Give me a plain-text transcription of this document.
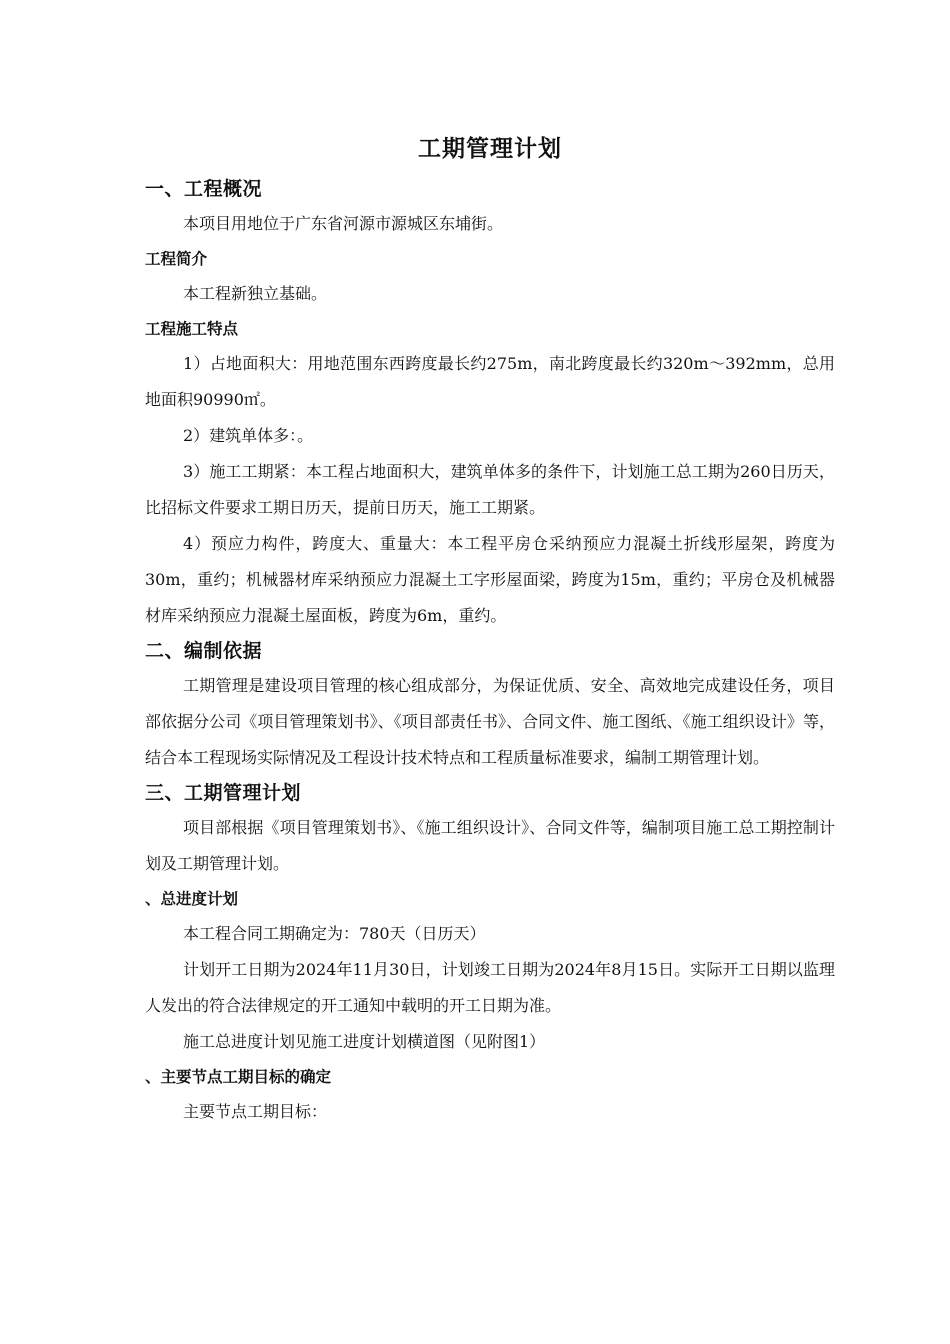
工期管理计划
一、工程概况

本项目用地位于广东省河源市源城区东埔街。

工程简介

本工程新独立基础。

工程施工特点

1）占地面积大：用地范围东西跨度最长约275m，南北跨度最长约320m～392mm，总用地面积90990㎡。

2）建筑单体多：。

3）施工工期紧：本工程占地面积大，建筑单体多的条件下，计划施工总工期为260日历天，比招标文件要求工期日历天，提前日历天，施工工期紧。

4）预应力构件，跨度大、重量大：本工程平房仓采纳预应力混凝土折线形屋架，跨度为30m，重约；机械器材库采纳预应力混凝土工字形屋面梁，跨度为15m，重约；平房仓及机械器材库采纳预应力混凝土屋面板，跨度为6m，重约。

二、编制依据

工期管理是建设项目管理的核心组成部分，为保证优质、安全、高效地完成建设任务，项目部依据分公司《项目管理策划书》、《项目部责任书》、合同文件、施工图纸、《施工组织设计》等，结合本工程现场实际情况及工程设计技术特点和工程质量标准要求，编制工期管理计划。

三、工期管理计划

项目部根据《项目管理策划书》、《施工组织设计》、合同文件等，编制项目施工总工期控制计划及工期管理计划。

、总进度计划

本工程合同工期确定为：780天（日历天）

计划开工日期为2024年11月30日，计划竣工日期为2024年8月15日。实际开工日期以监理人发出的符合法律规定的开工通知中载明的开工日期为准。

施工总进度计划见施工进度计划横道图（见附图1）

、主要节点工期目标的确定

主要节点工期目标：
